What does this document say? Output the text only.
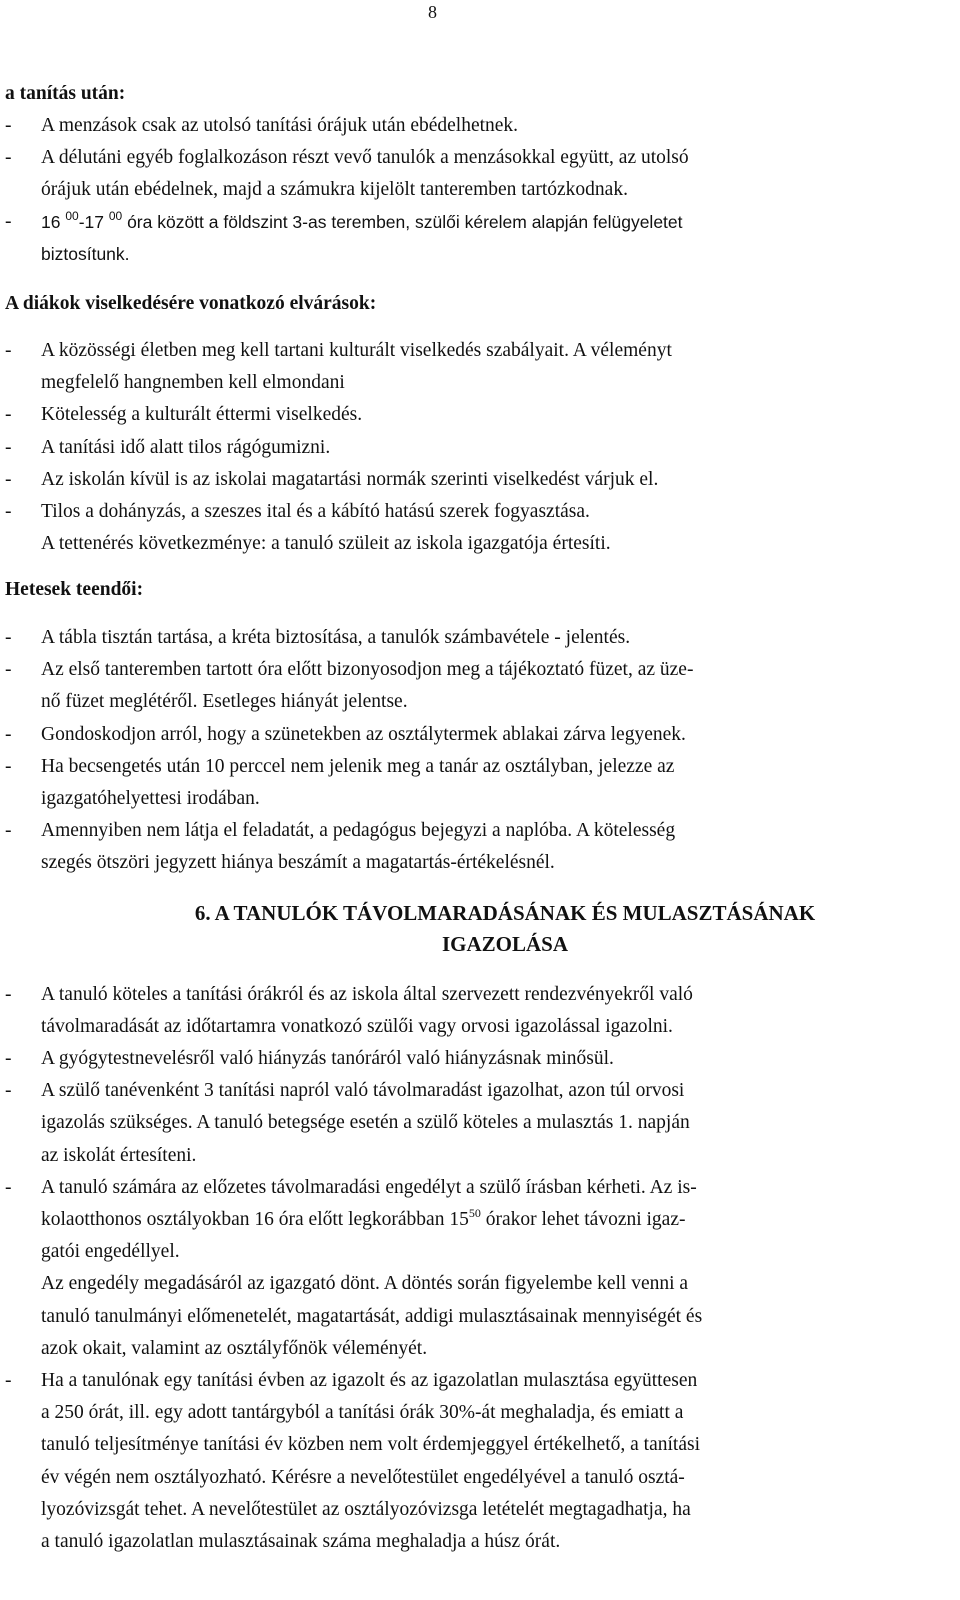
8
a tanítás után:
- A menzások csak az utolsó tanítási órájuk után ebédelhetnek.
- A délutáni egyéb foglalkozáson részt vevő tanulók a menzásokkal együtt, az utolsó
órájuk után ebédelnek, majd a számukra kijelölt tanteremben tartózkodnak.
- 16 $^{00}$-17 $^{00}$ óra között a földszint 3-as teremben, szülői kérelem alapján felügyeletet
biztosítunk.
A diákok viselkedésére vonatkozó elvárások:
- A közösségi életben meg kell tartani kulturált viselkedés szabályait. A véleményt
megfelelő hangnemben kell elmondani
- Kötelesség a kulturált éttermi viselkedés.
- A tanítási idő alatt tilos rágógumizni.
- Az iskolán kívül is az iskolai magatartási normák szerinti viselkedést várjuk el.
- Tilos a dohányzás, a szeszes ital és a kábító hatású szerek fogyasztása.
A tettenérés következménye: a tanuló szüleit az iskola igazgatója értesíti.
Hetesek teendői:
- A tábla tisztán tartása, a kréta biztosítása, a tanulók számbavétele - jelentés.
- Az első tanteremben tartott óra előtt bizonyosodjon meg a tájékoztató füzet, az üze-
nő füzet meglétéről. Esetleges hiányát jelentse.
- Gondoskodjon arról, hogy a szünetekben az osztálytermek ablakai zárva legyenek.
- Ha becsengetés után 10 perccel nem jelenik meg a tanár az osztályban, jelezze az
igazgatóhelyettesi irodában.
- Amennyiben nem látja el feladatát, a pedagógus bejegyzi a naplóba. A kötelesség
szegés ötszöri jegyzett hiánya beszámít a magatartás-értékelésnél.
6. A TANULÓK TÁVOLMARADÁSÁNAK ÉS MULASZTÁSÁNAK
IGAZOLÁSA
- A tanuló köteles a tanítási órákról és az iskola által szervezett rendezvényekről való
távolmaradását az időtartamra vonatkozó szülői vagy orvosi igazolással igazolni.
- A gyógytestnevelésről való hiányzás tanóráról való hiányzásnak minősül.
- A szülő tanévenként 3 tanítási napról való távolmaradást igazolhat, azon túl orvosi
igazolás szükséges. A tanuló betegsége esetén a szülő köteles a mulasztás 1. napján
az iskolát értesíteni.
- A tanuló számára az előzetes távolmaradási engedélyt a szülő írásban kérheti. Az is-
kolaotthonos osztályokban 16 óra előtt legkorábban $15^{50}$ órakor lehet távozni igaz-
gatói engedéllyel.
Az engedély megadásáról az igazgató dönt. A döntés során figyelembe kell venni a
tanuló tanulmányi előmenetelét, magatartását, addigi mulasztásainak mennyiségét és
azok okait, valamint az osztályfőnök véleményét.
- Ha a tanulónak egy tanítási évben az igazolt és az igazolatlan mulasztása együttesen
a 250 órát, ill. egy adott tantárgyból a tanítási órák 30%-át meghaladja, és emiatt a
tanuló teljesítménye tanítási év közben nem volt érdemjeggyel értékelhető, a tanítási
év végén nem osztályozható. Kérésre a nevelőtestület engedélyével a tanuló osztá-
lyozóvizsgát tehet. A nevelőtestület az osztályozóvizsga letételét megtagadhatja, ha
a tanuló igazolatlan mulasztásainak száma meghaladja a húsz órát.
